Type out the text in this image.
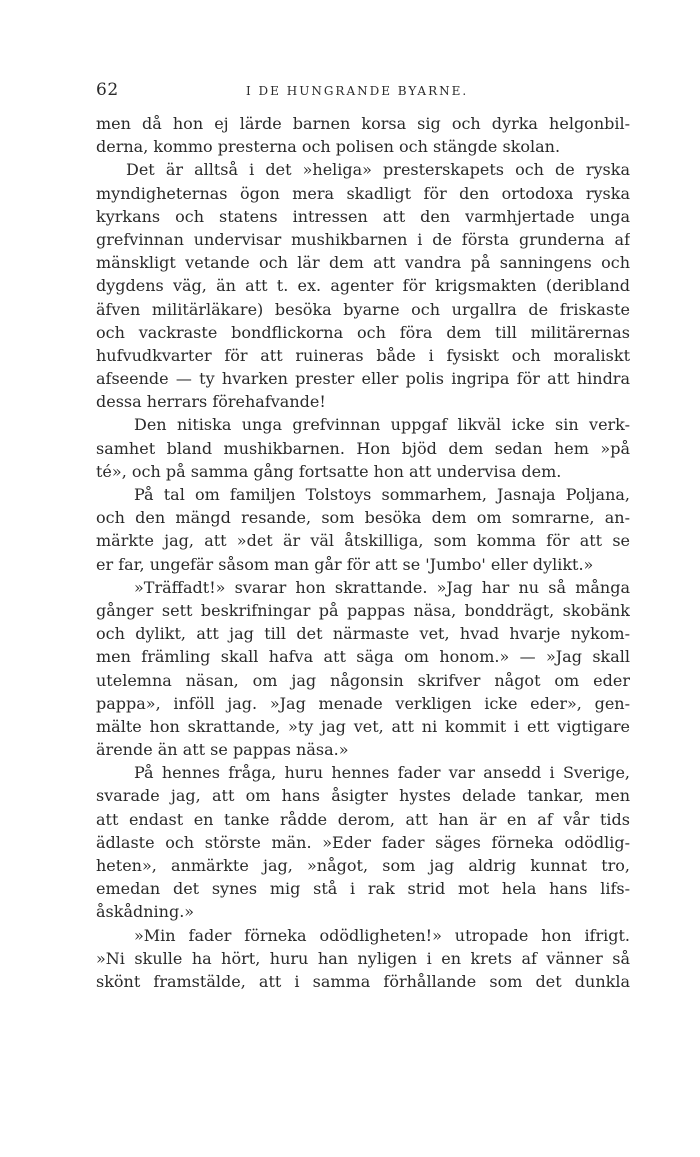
62	I DE HUNGRANDE BYARNE.
men då hon ej lärde barnen korsa sig och dyrka helgonbil-
derna, kommo presterna och polisen och stängde skolan.
Det är alltså i det »heliga» presterskapets och de ryska
myndigheternas ögon mera skadligt för den ortodoxa ryska
kyrkans och statens intressen att den varmhjertade unga
grefvinnan undervisar mushikbarnen i de första grunderna af
mänskligt vetande och lär dem att vandra på sanningens och
dygdens väg, än att t. ex. agenter för krigsmakten (deribland
äfven militärläkare) besöka byarne och urgallra de friskaste
och vackraste bondflickorna och föra dem till militärernas
hufvudkvarter för att ruineras både i fysiskt och moraliskt
afseende — ty hvarken prester eller polis ingripa för att hindra
dessa herrars förehafvande!
Den nitiska unga grefvinnan uppgaf likväl icke sin verk-
samhet bland mushikbarnen. Hon bjöd dem sedan hem »på
té», och på samma gång fortsatte hon att undervisa dem.
På tal om familjen Tolstoys sommarhem, Jasnaja Poljana,
och den mängd resande, som besöka dem om somrarne, an-
märkte jag, att »det är väl åtskilliga, som komma för att se
er far, ungefär såsom man går för att se 'Jumbo' eller dylikt.»
»Träffadt!» svarar hon skrattande. »Jag har nu så många
gånger sett beskrifningar på pappas näsa, bonddrägt, skobänk
och dylikt, att jag till det närmaste vet, hvad hvarje nykom-
men främling skall hafva att säga om honom.» — »Jag skall
utelemna näsan, om jag någonsin skrifver något om eder
pappa», inföll jag. »Jag menade verkligen icke eder», gen-
mälte hon skrattande, »ty jag vet, att ni kommit i ett vigtigare
ärende än att se pappas näsa.»
På hennes fråga, huru hennes fader var ansedd i Sverige,
svarade jag, att om hans åsigter hystes delade tankar, men
att endast en tanke rådde derom, att han är en af vår tids
ädlaste och störste män. »Eder fader säges förneka odödlig-
heten», anmärkte jag, »något, som jag aldrig kunnat tro,
emedan det synes mig stå i rak strid mot hela hans lifs-
åskådning.»
»Min fader förneka odödligheten!» utropade hon ifrigt.
»Ni skulle ha hört, huru han nyligen i en krets af vänner så
skönt framstälde, att i samma förhållande som det dunkla
